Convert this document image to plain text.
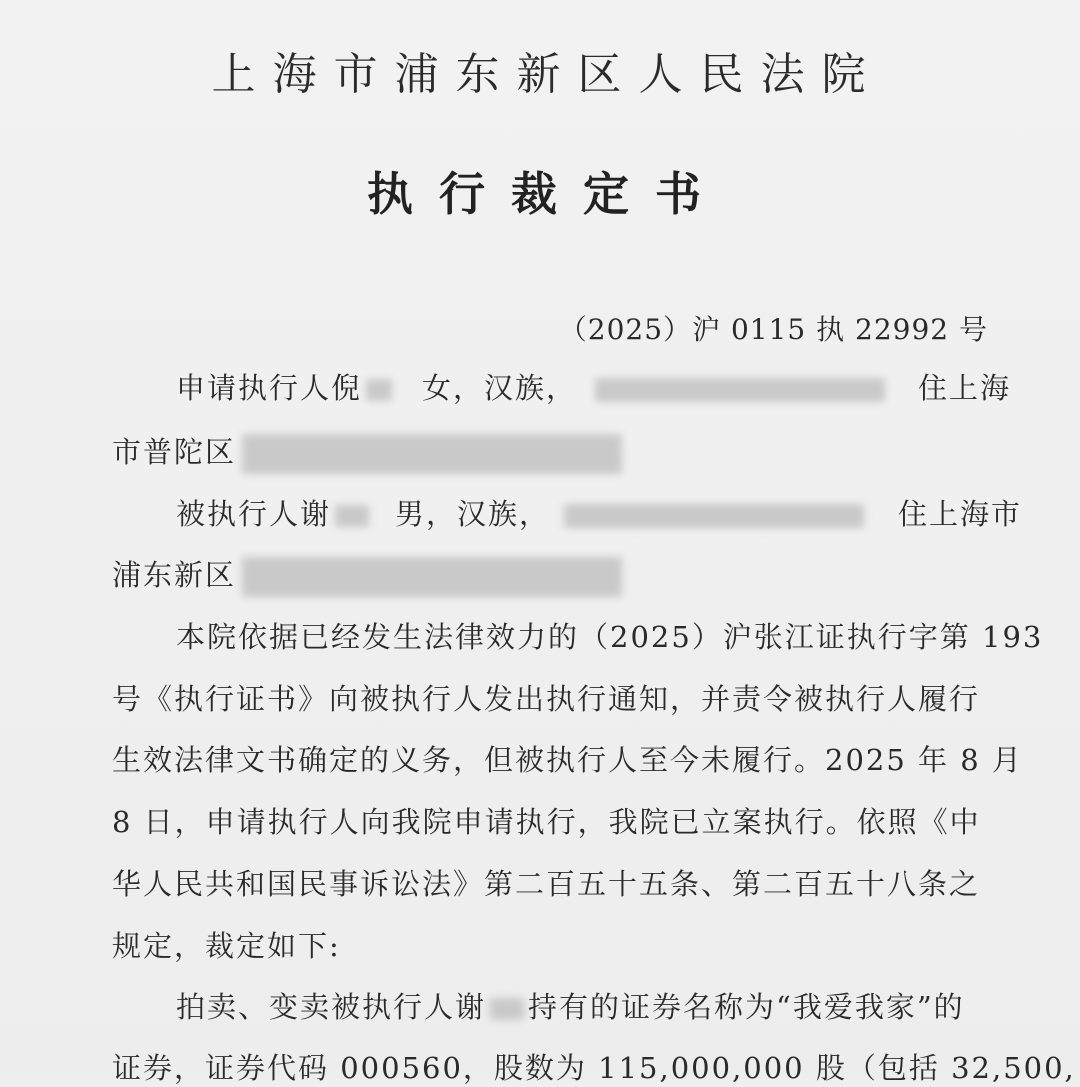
上海市浦东新区人民法院
执行裁定书
（2025）沪 0115 执 22992 号
申请执行人倪 女，汉族，	住上海
市普陀区
被执行人谢 男，汉族，	住上海市
浦东新区
本院依据已经发生法律效力的（2025）沪张江证执行字第 193
号《执行证书》向被执行人发出执行通知，并责令被执行人履行
生效法律文书确定的义务，但被执行人至今未履行。2025 年 8 月
8 日，申请执行人向我院申请执行，我院已立案执行。依照《中
华人民共和国民事诉讼法》第二百五十五条、第二百五十八条之
规定，裁定如下:
拍卖、变卖被执行人谢 持有的证券名称为“我爱我家”的
证券，证券代码 000560，股数为 115,000,000 股（包括 32,500,
